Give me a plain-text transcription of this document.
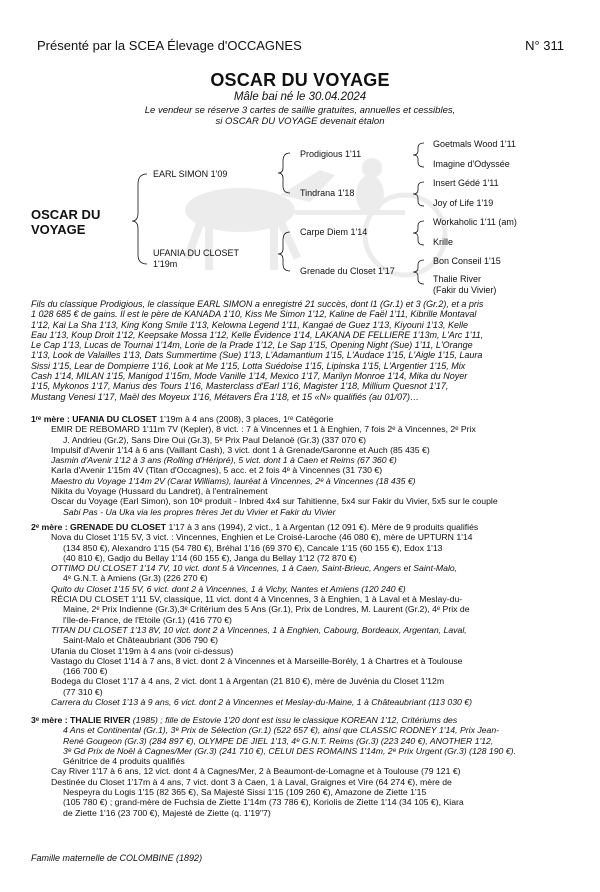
Présenté par la SCEA Élevage d'OCCAGNES	N° 311
OSCAR DU VOYAGE
Mâle bai né le 30.04.2024
Le vendeur se réserve 3 cartes de saillie gratuites, annuelles et cessibles,
si OSCAR DU VOYAGE devenait étalon
OSCAR DU
VOYAGE
EARL SIMON 1'09
UFANIA DU CLOSET
1'19m
Prodigious 1'11
Tindrana 1'18
Carpe Diem 1'14
Grenade du Closet 1'17
Goetmals Wood 1'11
Imagine d'Odyssée
Insert Gédé 1'11
Joy of Life 1'19
Workaholic 1'11 (am)
Krille
Bon Conseil 1'15
Thalie River
(Fakir du Vivier)
Fils du classique Prodigious, le classique EARL SIMON a enregistré 21 succès, dont l1 (Gr.1) et 3 (Gr.2), et a pris
1 028 685 € de gains. Il est le père de KANADA 1'10, Kiss Me Simon 1'12, Kaline de Faël 1'11, Kibrille Montaval
1'12, Kai La Sha 1'13, King Kong Smile 1'13, Kelowna Legend 1'11, Kangaé de Guez 1'13, Kiyouni 1'13, Kelle
Eau 1'13, Koup Droit 1'12, Keepsake Mossa 1'12, Kelle Évidence 1'14, LAKANA DE FELLIERE 1'13m, L'Arc 1'11,
Le Cap 1'13, Lucas de Tournai 1'14m, Lorie de la Prade 1'12, Le Sap 1'15, Opening Night (Sue) 1'11, L'Orange
1'13, Look de Valailles 1'13, Dats Summertime (Sue) 1'13, L'Adamantium 1'15, L'Audace 1'15, L'Aigle 1'15, Laura
Sissi 1'15, Lear de Dompierre 1'16, Look at Me 1'15, Lotta Suédoise 1'15, Lipinska 1'15, L'Argentier 1'15, Mix
Cash 1'14, MILAN 1'15, Manigod 1'15m, Mode Vanille 1'14, Mexico 1'17, Marilyn Monroe 1'14, Mika du Noyer
1'15, Mykonos 1'17, Marius des Tours 1'16, Masterclass d'Earl 1'16, Magister 1'18, Millium Quesnot 1'17,
Mustang Venesi 1'17, Maël des Moyeux 1'16, Métavers Éra 1'18, et 15 «N» qualifiés (au 01/07)…
1ʳᵉ mère : UFANIA DU CLOSET 1'19m à 4 ans (2008), 3 places, 1ʳᵉ Catégorie
EMIR DE REBOMARD 1'11m 7V (Kepler), 8 vict. : 7 à Vincennes et 1 à Enghien, 7 fois 2ᵉ à Vincennes, 2ᵉ Prix
J. Andrieu (Gr.2), Sans Dire Oui (Gr.3), 5ᵉ Prix Paul Delanoë (Gr.3) (337 070 €)
Impulsif d'Avenir 1'14 à 6 ans (Vaillant Cash), 3 vict. dont 1 à Grenade/Garonne et Auch (85 435 €)
Jasmin d'Avenir 1'12 à 3 ans (Rolling d'Héripré), 5 vict. dont 1 à Caen et Reims (67 360 €)
Karla d'Avenir 1'15m 4V (Titan d'Occagnes), 5 acc. et 2 fois 4ᵉ à Vincennes (31 730 €)
Maestro du Voyage 1'14m 2V (Carat Williams), lauréat à Vincennes, 2ᵉ à Vincennes (18 435 €)
Nikita du Voyage (Hussard du Landret), à l'entraînement
Oscar du Voyage (Earl Simon), son 10ᵉ produit - Inbred 4x4 sur Tahitienne, 5x4 sur Fakir du Vivier, 5x5 sur le couple
Sabi Pas - Ua Uka via les propres frères Jet du Vivier et Fakir du Vivier
2ᵉ mère : GRENADE DU CLOSET 1'17 à 3 ans (1994), 2 vict., 1 à Argentan (12 091 €). Mère de 9 produits qualifiés
Nova du Closet 1'15 5V, 3 vict. : Vincennes, Enghien et Le Croisé-Laroche (46 080 €), mère de UPTURN 1'14
(134 850 €), Alexandro 1'15 (54 780 €), Bréhal 1'16 (69 370 €), Cancale 1'15 (60 155 €), Edox 1'13
(40 810 €), Gadjo du Bellay 1'14 (60 155 €), Janga du Bellay 1'12 (72 870 €)
OTTIMO DU CLOSET 1'14 7V, 10 vict. dont 5 à Vincennes, 1 à Caen, Saint-Brieuc, Angers et Saint-Malo,
4ᵉ G.N.T. à Amiens (Gr.3) (226 270 €)
Quito du Closet 1'15 5V, 6 vict. dont 2 à Vincennes, 1 à Vichy, Nantes et Amiens (120 240 €)
RÉCIA DU CLOSET 1'11 5V, classique, 11 vict. dont 4 à Vincennes, 3 à Enghien, 1 à Laval et à Meslay-du-
Maine, 2ᵉ Prix Indienne (Gr.3),3ᵉ Critérium des 5 Ans (Gr.1), Prix de Londres, M. Laurent (Gr.2), 4ᵉ Prix de
l'Ile-de-France, de l'Etoile (Gr.1) (416 770 €)
TITAN DU CLOSET 1'13 8V, 10 vict. dont 2 à Vincennes, 1 à Enghien, Cabourg, Bordeaux, Argentan, Laval,
Saint-Malo et Châteaubriant (306 790 €)
Ufania du Closet 1'19m à 4 ans (voir ci-dessus)
Vastago du Closet 1'14 à 7 ans, 8 vict. dont 2 à Vincennes et à Marseille-Borély, 1 à Chartres et à Toulouse
(166 700 €)
Bodega du Closet 1'17 à 4 ans, 2 vict. dont 1 à Argentan (21 810 €), mère de Juvénia du Closet 1'12m
(77 310 €)
Carrera du Closet 1'13 à 9 ans, 6 vict. dont 2 à Vincennes et Meslay-du-Maine, 1 à Châteaubriant (113 030 €)
3ᵉ mère : THALIE RIVER (1985) ; fille de Estovie 1'20 dont est issu le classique KOREAN 1'12, Critériums des
4 Ans et Continental (Gr.1), 3ᵉ Prix de Sélection (Gr.1) (522 657 €), ainsi que CLASSIC RODNEY 1'14, Prix Jean-
René Gougeon (Gr.3) (284 897 €), OLYMPE DE JIEL 1'13, 4ᵉ G.N.T. Reims (Gr.3) (223 240 €), ANOTHER 1'12,
3ᵉ Gd Prix de Noël à Cagnes/Mer (Gr.3) (241 710 €), CELUI DES ROMAINS 1'14m, 2ᵉ Prix Urgent (Gr.3) (128 190 €).
Génitrice de 4 produits qualifiés
Cay River 1'17 à 6 ans, 12 vict. dont 4 à Cagnes/Mer, 2 à Beaumont-de-Lomagne et à Toulouse (79 121 €)
Destinée du Closet 1'17m à 4 ans, 7 vict. dont 3 à Caen, 1 à Laval, Graignes et Vire (64 274 €), mère de
Nespeyra du Logis 1'15 (82 365 €), Sa Majesté Sissi 1'15 (109 260 €), Amazone de Ziette 1'15
(105 780 €) ; grand-mère de Fuchsia de Ziette 1'14m (73 786 €), Koriolis de Ziette 1'14 (34 105 €), Kiara
de Ziette 1'16 (23 700 €), Majesté de Ziette (q. 1'19"7)
Famille maternelle de COLOMBINE (1892)
